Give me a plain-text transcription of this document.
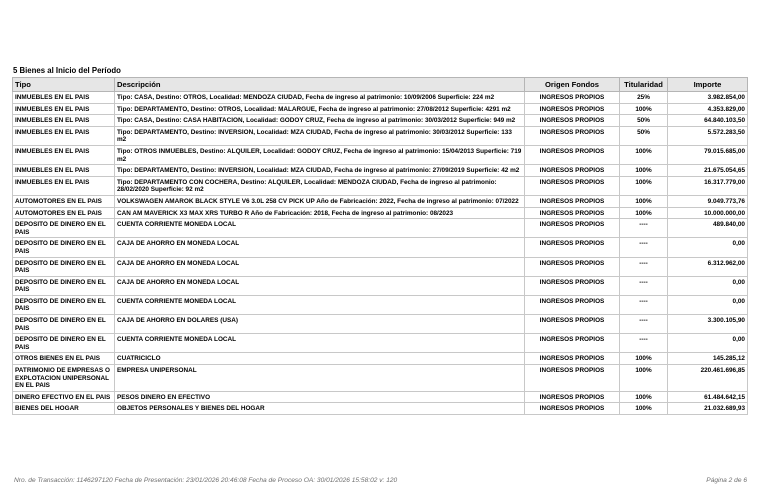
5 Bienes al Inicio del Período
Tipo	Descripción	Origen Fondos	Titularidad	Importe
INMUEBLES EN EL PAIS	Tipo: CASA, Destino: OTROS, Localidad: MENDOZA CIUDAD, Fecha de ingreso al patrimonio: 10/09/2006 Superficie: 224 m2	INGRESOS PROPIOS	25%	3.982.854,00
INMUEBLES EN EL PAIS	Tipo: DEPARTAMENTO, Destino: OTROS, Localidad: MALARGUE, Fecha de ingreso al patrimonio: 27/08/2012 Superficie: 4291 m2	INGRESOS PROPIOS	100%	4.353.829,00
INMUEBLES EN EL PAIS	Tipo: CASA, Destino: CASA HABITACION, Localidad: GODOY CRUZ, Fecha de ingreso al patrimonio: 30/03/2012 Superficie: 949 m2	INGRESOS PROPIOS	50%	64.840.103,50
INMUEBLES EN EL PAIS	Tipo: DEPARTAMENTO, Destino: INVERSION, Localidad: MZA CIUDAD, Fecha de ingreso al patrimonio: 30/03/2012 Superficie: 133 m2	INGRESOS PROPIOS	50%	5.572.283,50
INMUEBLES EN EL PAIS	Tipo: OTROS INMUEBLES, Destino: ALQUILER, Localidad: GODOY CRUZ, Fecha de ingreso al patrimonio: 15/04/2013 Superficie: 719 m2	INGRESOS PROPIOS	100%	79.015.685,00
INMUEBLES EN EL PAIS	Tipo: DEPARTAMENTO, Destino: INVERSION, Localidad: MZA CIUDAD, Fecha de ingreso al patrimonio: 27/09/2019 Superficie: 42 m2	INGRESOS PROPIOS	100%	21.675.054,65
INMUEBLES EN EL PAIS	Tipo: DEPARTAMENTO CON COCHERA, Destino: ALQUILER, Localidad: MENDOZA CIUDAD, Fecha de ingreso al patrimonio: 28/02/2020 Superficie: 92 m2	INGRESOS PROPIOS	100%	16.317.779,00
AUTOMOTORES EN EL PAIS	VOLKSWAGEN AMAROK BLACK STYLE V6 3.0L 258 CV PICK UP Año de Fabricación: 2022, Fecha de ingreso al patrimonio: 07/2022	INGRESOS PROPIOS	100%	9.049.773,76
AUTOMOTORES EN EL PAIS	CAN AM MAVERICK X3 MAX XRS TURBO R Año de Fabricación: 2018, Fecha de ingreso al patrimonio: 08/2023	INGRESOS PROPIOS	100%	10.000.000,00
DEPOSITO DE DINERO EN EL PAIS	CUENTA CORRIENTE MONEDA LOCAL	INGRESOS PROPIOS	----	489.840,00
DEPOSITO DE DINERO EN EL PAIS	CAJA DE AHORRO EN MONEDA LOCAL	INGRESOS PROPIOS	----	0,00
DEPOSITO DE DINERO EN EL PAIS	CAJA DE AHORRO EN MONEDA LOCAL	INGRESOS PROPIOS	----	6.312.962,00
DEPOSITO DE DINERO EN EL PAIS	CAJA DE AHORRO EN MONEDA LOCAL	INGRESOS PROPIOS	----	0,00
DEPOSITO DE DINERO EN EL PAIS	CUENTA CORRIENTE MONEDA LOCAL	INGRESOS PROPIOS	----	0,00
DEPOSITO DE DINERO EN EL PAIS	CAJA DE AHORRO EN DOLARES (USA)	INGRESOS PROPIOS	----	3.300.105,90
DEPOSITO DE DINERO EN EL PAIS	CUENTA CORRIENTE MONEDA LOCAL	INGRESOS PROPIOS	----	0,00
OTROS BIENES EN EL PAIS	CUATRICICLO	INGRESOS PROPIOS	100%	145.285,12
PATRIMONIO DE EMPRESAS O EXPLOTACION UNIPERSONAL EN EL PAIS	EMPRESA UNIPERSONAL	INGRESOS PROPIOS	100%	220.461.696,85
DINERO EFECTIVO EN EL PAIS	PESOS DINERO EN EFECTIVO	INGRESOS PROPIOS	100%	61.484.642,15
BIENES DEL HOGAR	OBJETOS PERSONALES Y BIENES DEL HOGAR	INGRESOS PROPIOS	100%	21.032.689,93
Nro. de Transacción: 1146297120 Fecha de Presentación: 23/01/2026 20:46:08 Fecha de Proceso OA: 30/01/2026 15:58:02 v: 120	Página 2 de 6
